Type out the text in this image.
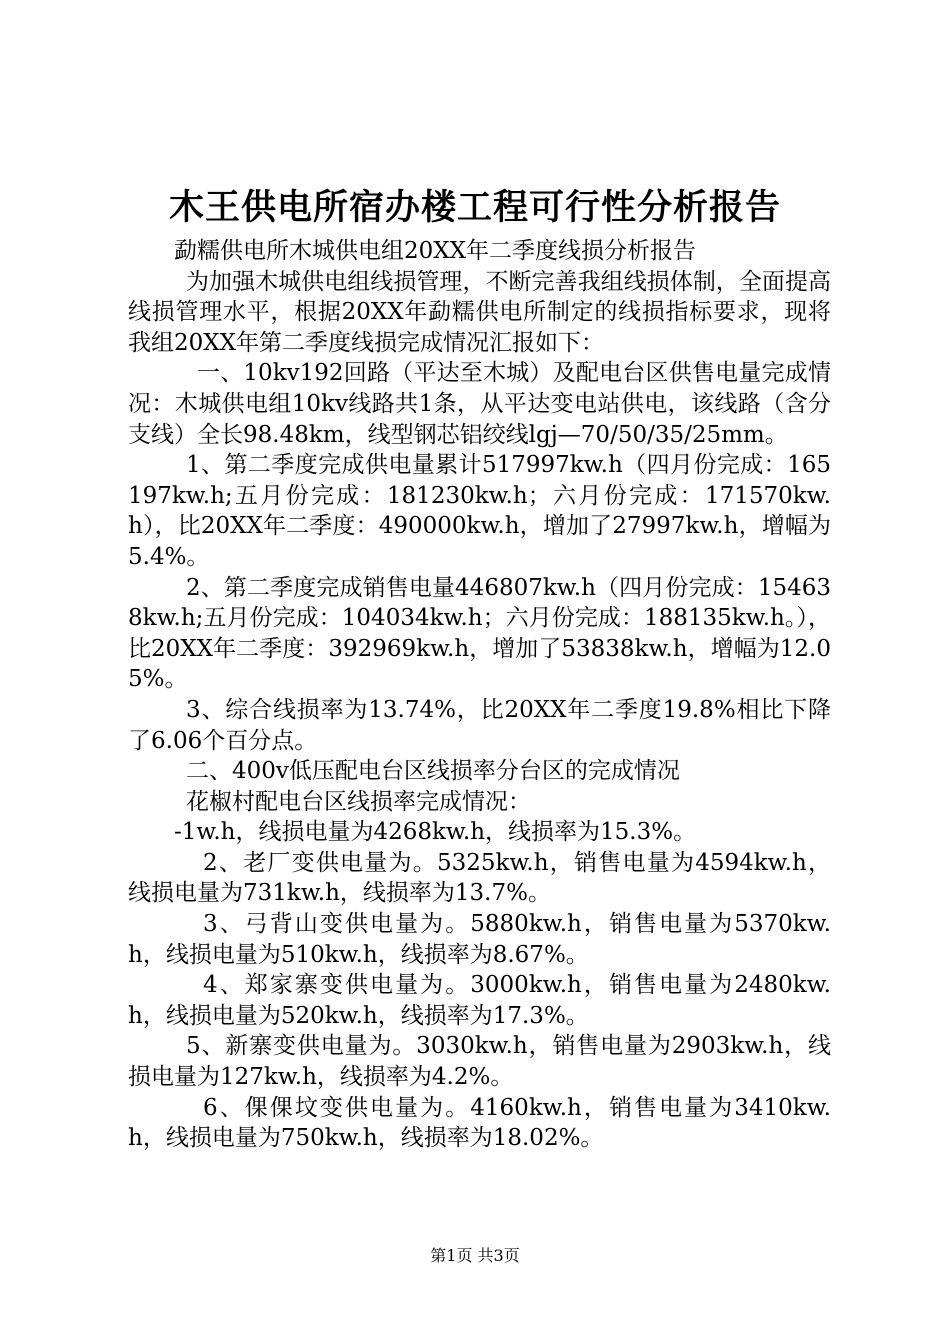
木王供电所宿办楼工程可行性分析报告

勐糯供电所木城供电组20XX年二季度线损分析报告

为加强木城供电组线损管理，不断完善我组线损体制，全面提高线损管理水平，根据20XX年勐糯供电所制定的线损指标要求，现将我组20XX年第二季度线损完成情况汇报如下：

一、10kv192回路（平达至木城）及配电台区供售电量完成情况：木城供电组10kv线路共1条，从平达变电站供电，该线路（含分支线）全长98.48km，线型钢芯铝绞线lgj—70/50/35/25mm。

1、第二季度完成供电量累计517997kw.h（四月份完成：165197kw.h;五月份完成：181230kw.h；六月份完成：171570kw.h），比20XX年二季度：490000kw.h，增加了27997kw.h，增幅为5.4%。

2、第二季度完成销售电量446807kw.h（四月份完成：154638kw.h;五月份完成：104034kw.h；六月份完成：188135kw.h。），比20XX年二季度：392969kw.h，增加了53838kw.h，增幅为12.05%。

3、综合线损率为13.74%，比20XX年二季度19.8%相比下降了6.06个百分点。

二、400v低压配电台区线损率分台区的完成情况

花椒村配电台区线损率完成情况：

-1w.h，线损电量为4268kw.h，线损率为15.3%。

2、老厂变供电量为。5325kw.h，销售电量为4594kw.h，线损电量为731kw.h，线损率为13.7%。

3、弓背山变供电量为。5880kw.h，销售电量为5370kw.h，线损电量为510kw.h，线损率为8.67%。

4、郑家寨变供电量为。3000kw.h，销售电量为2480kw.h，线损电量为520kw.h，线损率为17.3%。

5、新寨变供电量为。3030kw.h，销售电量为2903kw.h，线损电量为127kw.h，线损率为4.2%。

6、倮倮坟变供电量为。4160kw.h，销售电量为3410kw.h，线损电量为750kw.h，线损率为18.02%。

第1页 共3页
